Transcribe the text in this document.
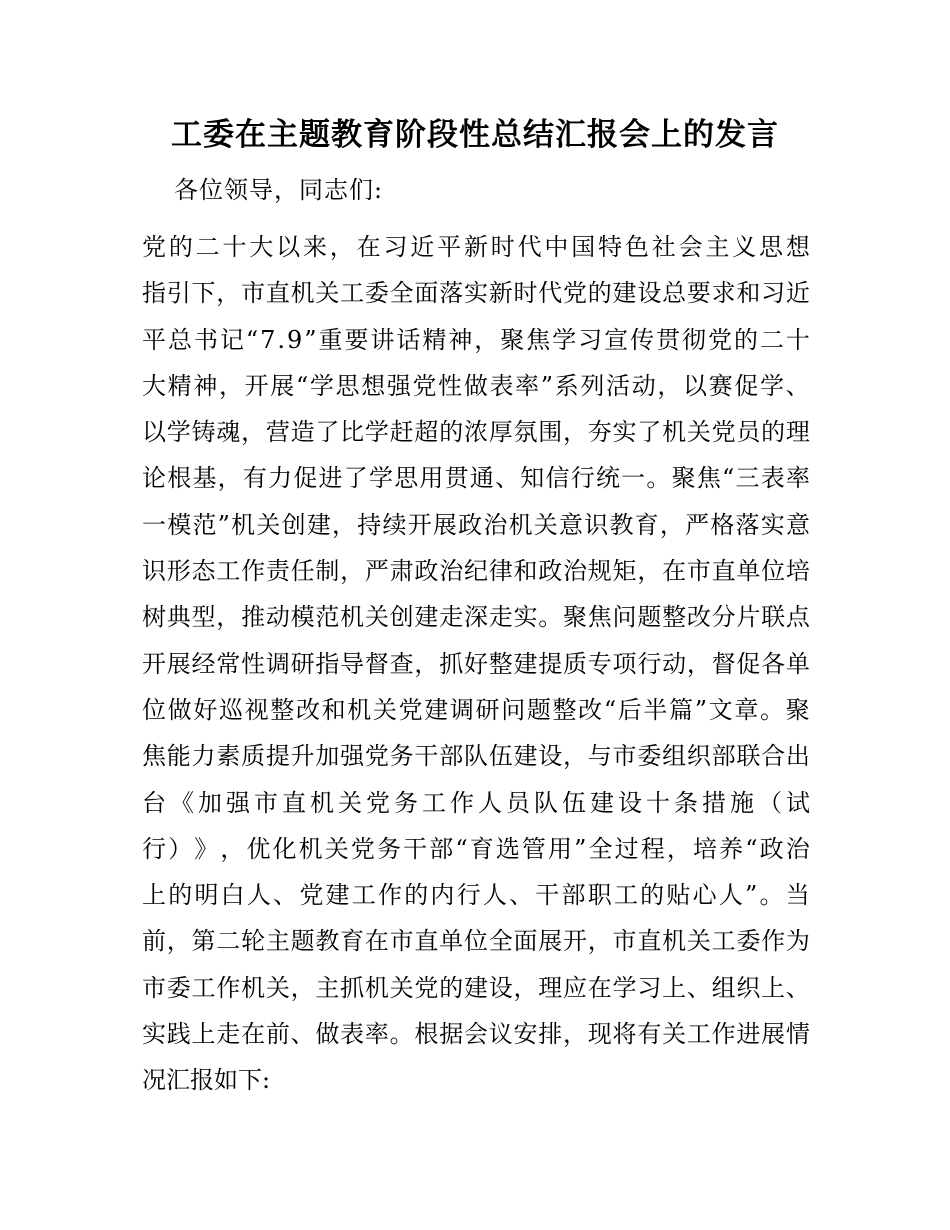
工委在主题教育阶段性总结汇报会上的发言

各位领导，同志们:

党 的 二 十 大 以 来 ， 在 习 近 平 新 时 代 中 国 特 色 社 会 主 义 思 想
指 引 下 ， 市 直 机 关 工 委 全 面 落 实 新 时 代 党 的 建 设 总 要 求 和 习 近
平 总 书 记 “ 7 . 9 ” 重 要 讲 话 精 神 ， 聚 焦 学 习 宣 传 贯 彻 党 的 二 十
大 精 神 ， 开 展 “ 学 思 想 强 党 性 做 表 率 ” 系 列 活 动 ， 以 赛 促 学 、
以 学 铸 魂 ， 营 造 了 比 学 赶 超 的 浓 厚 氛 围 ， 夯 实 了 机 关 党 员 的 理
论 根 基 ， 有 力 促 进 了 学 思 用 贯 通 、 知 信 行 统 一 。 聚 焦 “ 三 表 率
一 模 范 ” 机 关 创 建 ， 持 续 开 展 政 治 机 关 意 识 教 育 ， 严 格 落 实 意
识 形 态 工 作 责 任 制 ， 严 肃 政 治 纪 律 和 政 治 规 矩 ， 在 市 直 单 位 培
树 典 型 ， 推 动 模 范 机 关 创 建 走 深 走 实 。 聚 焦 问 题 整 改 分 片 联 点
开 展 经 常 性 调 研 指 导 督 查 ， 抓 好 整 建 提 质 专 项 行 动 ， 督 促 各 单
位 做 好 巡 视 整 改 和 机 关 党 建 调 研 问 题 整 改 “ 后 半 篇 ” 文 章 。 聚
焦 能 力 素 质 提 升 加 强 党 务 干 部 队 伍 建 设 ， 与 市 委 组 织 部 联 合 出
台 《 加 强 市 直 机 关 党 务 工 作 人 员 队 伍 建 设 十 条 措 施 （ 试
行 ） 》 ， 优 化 机 关 党 务 干 部 “ 育 选 管 用 ” 全 过 程 ， 培 养 “ 政 治
上 的 明 白 人 、 党 建 工 作 的 内 行 人 、 干 部 职 工 的 贴 心 人 ” 。 当
前 ， 第 二 轮 主 题 教 育 在 市 直 单 位 全 面 展 开 ， 市 直 机 关 工 委 作 为
市 委 工 作 机 关 ， 主 抓 机 关 党 的 建 设 ， 理 应 在 学 习 上 、 组 织 上 、
实 践 上 走 在 前 、 做 表 率 。 根 据 会 议 安 排 ， 现 将 有 关 工 作 进 展 情
况汇报如下:
